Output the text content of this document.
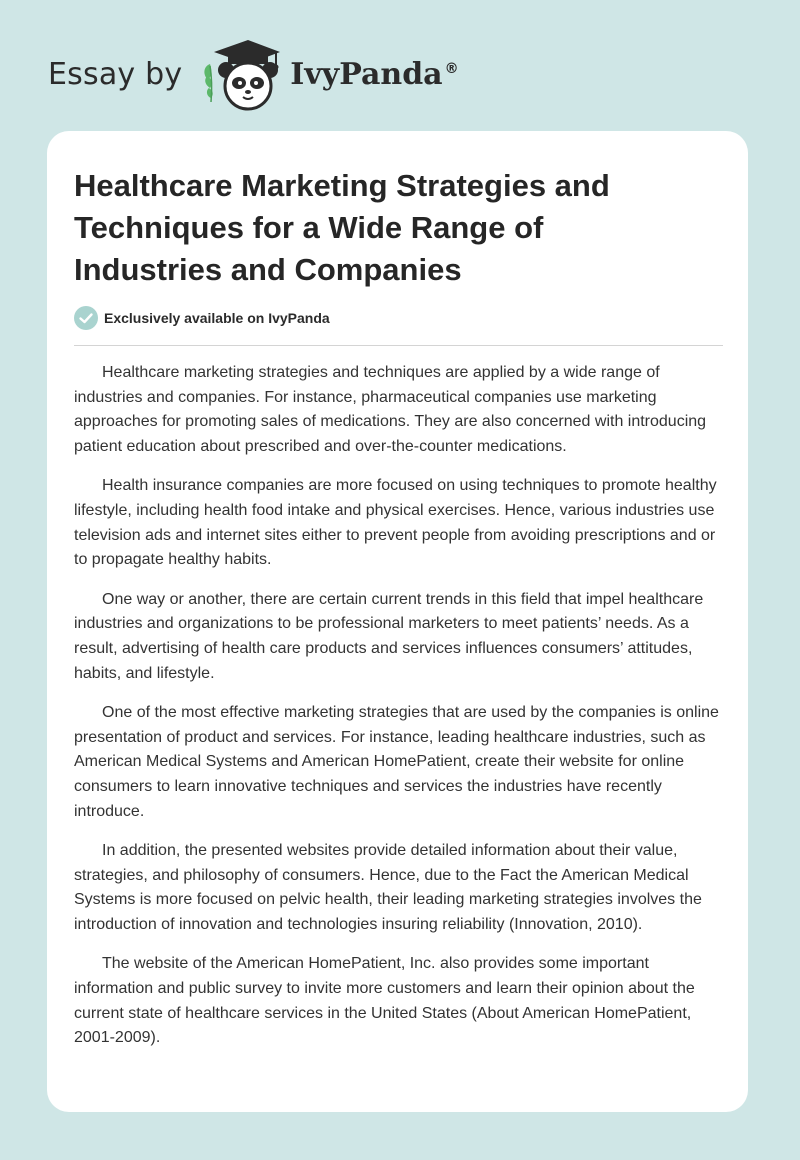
Essay by	IvyPanda ®
Healthcare Marketing Strategies and Techniques for a Wide Range of Industries and Companies
Exclusively available on IvyPanda

Healthcare marketing strategies and techniques are applied by a wide range of industries and companies. For instance, pharmaceutical companies use marketing approaches for promoting sales of medications. They are also concerned with introducing patient education about prescribed and over-the-counter medications.

Health insurance companies are more focused on using techniques to promote healthy lifestyle, including health food intake and physical exercises. Hence, various industries use television ads and internet sites either to prevent people from avoiding prescriptions and or to propagate healthy habits.

One way or another, there are certain current trends in this field that impel healthcare industries and organizations to be professional marketers to meet patients’ needs. As a result, advertising of health care products and services influences consumers’ attitudes, habits, and lifestyle.

One of the most effective marketing strategies that are used by the companies is online presentation of product and services. For instance, leading healthcare industries, such as American Medical Systems and American HomePatient, create their website for online consumers to learn innovative techniques and services the industries have recently introduce.

In addition, the presented websites provide detailed information about their value, strategies, and philosophy of consumers. Hence, due to the Fact the American Medical Systems is more focused on pelvic health, their leading marketing strategies involves the introduction of innovation and technologies insuring reliability (Innovation, 2010).

The website of the American HomePatient, Inc. also provides some important information and public survey to invite more customers and learn their opinion about the current state of healthcare services in the United States (About American HomePatient, 2001-2009).
